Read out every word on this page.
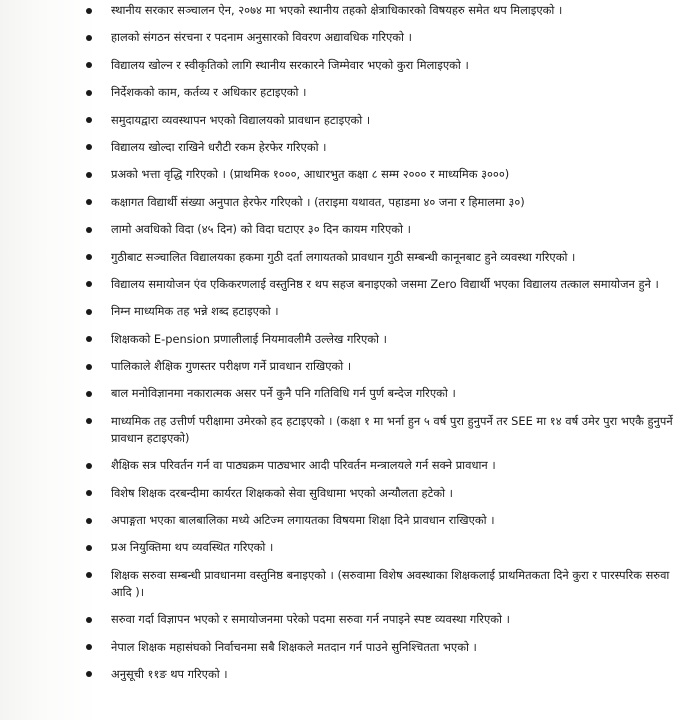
स्थानीय सरकार सञ्चालन ऐन, २०७४ मा भएको स्थानीय तहको क्षेत्राधिकारको विषयहरु समेत थप मिलाइएको ।
हालको संगठन संरचना र पदनाम अनुसारको विवरण अद्यावधिक गरिएको ।
विद्यालय खोल्न र स्वीकृतिको लागि स्थानीय सरकारने जिम्मेवार भएको कुरा मिलाइएको ।
निर्देशकको काम, कर्तव्य र अधिकार हटाइएको ।
समुदायद्वारा व्यवस्थापन भएको विद्यालयको प्रावधान हटाइएको ।
विद्यालय खोल्दा राखिने धरौटी रकम हेरफेर गरिएको ।
प्रअको भत्ता वृद्धि गरिएको । (प्राथमिक १०००, आधारभुत कक्षा ८ सम्म २००० र माध्यमिक ३०००)
कक्षागत विद्यार्थी संख्या अनुपात हेरफेर गरिएको । (तराइमा यथावत, पहाडमा ४० जना र हिमालमा ३०)
लामो अवधिको विदा (४५ दिन) को विदा घटाएर ३० दिन कायम गरिएको ।
गुठीबाट सञ्चालित विद्यालयका हकमा गुठी दर्ता लगायतको प्रावधान गुठी सम्बन्धी कानूनबाट हुने व्यवस्था गरिएको ।
विद्यालय समायोजन एंव एकिकरणलाई वस्तुनिष्ठ र थप सहज बनाइएको जसमा Zero विद्यार्थी भएका विद्यालय तत्काल समायोजन हुने ।
निम्न माध्यमिक तह भन्ने शब्द हटाइएको ।
शिक्षकको E-pension प्रणालीलाई नियमावलीमै उल्लेख गरिएको ।
पालिकाले शैक्षिक गुणस्तर परीक्षण गर्ने प्रावधान राखिएको ।
बाल मनोविज्ञानमा नकारात्मक असर पर्ने कुनै पनि गतिविधि गर्न पुर्ण बन्देज गरिएको ।
माध्यमिक तह उत्तीर्ण परीक्षामा उमेरको हद हटाइएको । (कक्षा १ मा भर्ना हुन ५ वर्ष पुरा हुनुपर्ने तर SEE मा १४ वर्ष उमेर पुरा भएकै हुनुपर्ने प्रावधान हटाइएको)
शैक्षिक सत्र परिवर्तन गर्न वा पाठ्यक्रम पाठ्यभार आदी परिवर्तन मन्त्रालयले गर्न सक्ने प्रावधान ।
विशेष शिक्षक दरबन्दीमा कार्यरत शिक्षकको सेवा सुविधामा भएको अन्यौलता हटेको ।
अपाङ्गता भएका बालबालिका मध्ये अटिज्म लगायतका विषयमा शिक्षा दिने प्रावधान राखिएको ।
प्रअ नियुक्तिमा थप व्यवस्थित गरिएको ।
शिक्षक सरुवा सम्बन्धी प्रावधानमा वस्तुनिष्ठ बनाइएको । (सरुवामा विशेष अवस्थाका शिक्षकलाई प्राथमितकता दिने कुरा र पारस्परिक सरुवा आदि )।
सरुवा गर्दा विज्ञापन भएको र समायोजनमा परेको पदमा सरुवा गर्न नपाइने स्पष्ट व्यवस्था गरिएको ।
नेपाल शिक्षक महासंघको निर्वाचनमा सबै शिक्षकले मतदान गर्न पाउने सुनिश्चितता भएको ।
अनुसूची ११ङ थप गरिएको ।
